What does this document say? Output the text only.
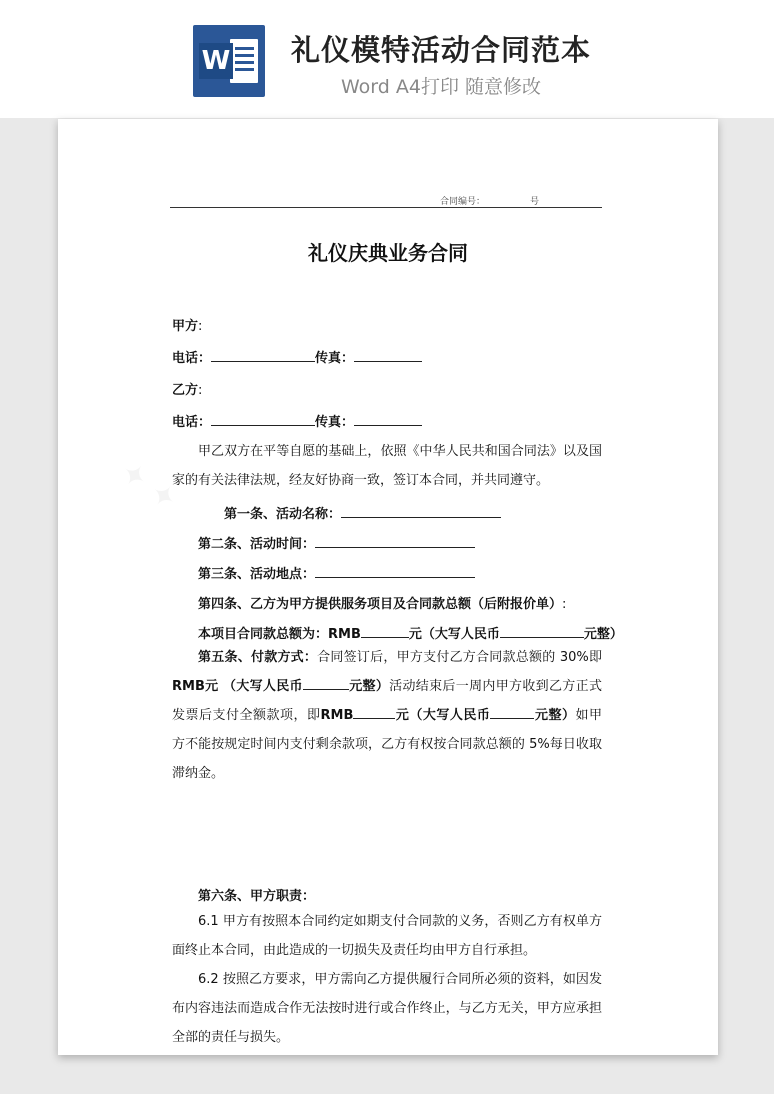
W	礼仪模特活动合同范本
Word A4打印 随意修改
✦ ✦
合同编号：	号
礼仪庆典业务合同
甲方:
电话：	传真：
乙方:
电话：	传真：
甲乙双方在平等自愿的基础上，依照《中华人民共和国合同法》以及国家的有关法律法规，经友好协商一致，签订本合同，并共同遵守。
第一条、活动名称：
第二条、活动时间：
第三条、活动地点：
第四条、乙方为甲方提供服务项目及合同款总额（后附报价单）:
本项目合同款总额为：RMB	元（大写人民币	元整）
第五条、付款方式：合同签订后，甲方支付乙方合同款总额的 30%即 RMB元 （大写人民币	元整）活动结束后一周内甲方收到乙方正式发票后支付全额款项，即RMB	元（大写人民币	元整）如甲方不能按规定时间内支付剩余款项，乙方有权按合同款总额的 5%每日收取滞纳金。
第六条、甲方职责：
6.1 甲方有按照本合同约定如期支付合同款的义务，否则乙方有权单方面终止本合同，由此造成的一切损失及责任均由甲方自行承担。
6.2 按照乙方要求，甲方需向乙方提供履行合同所必须的资料，如因发布内容违法而造成合作无法按时进行或合作终止，与乙方无关，甲方应承担全部的责任与损失。
